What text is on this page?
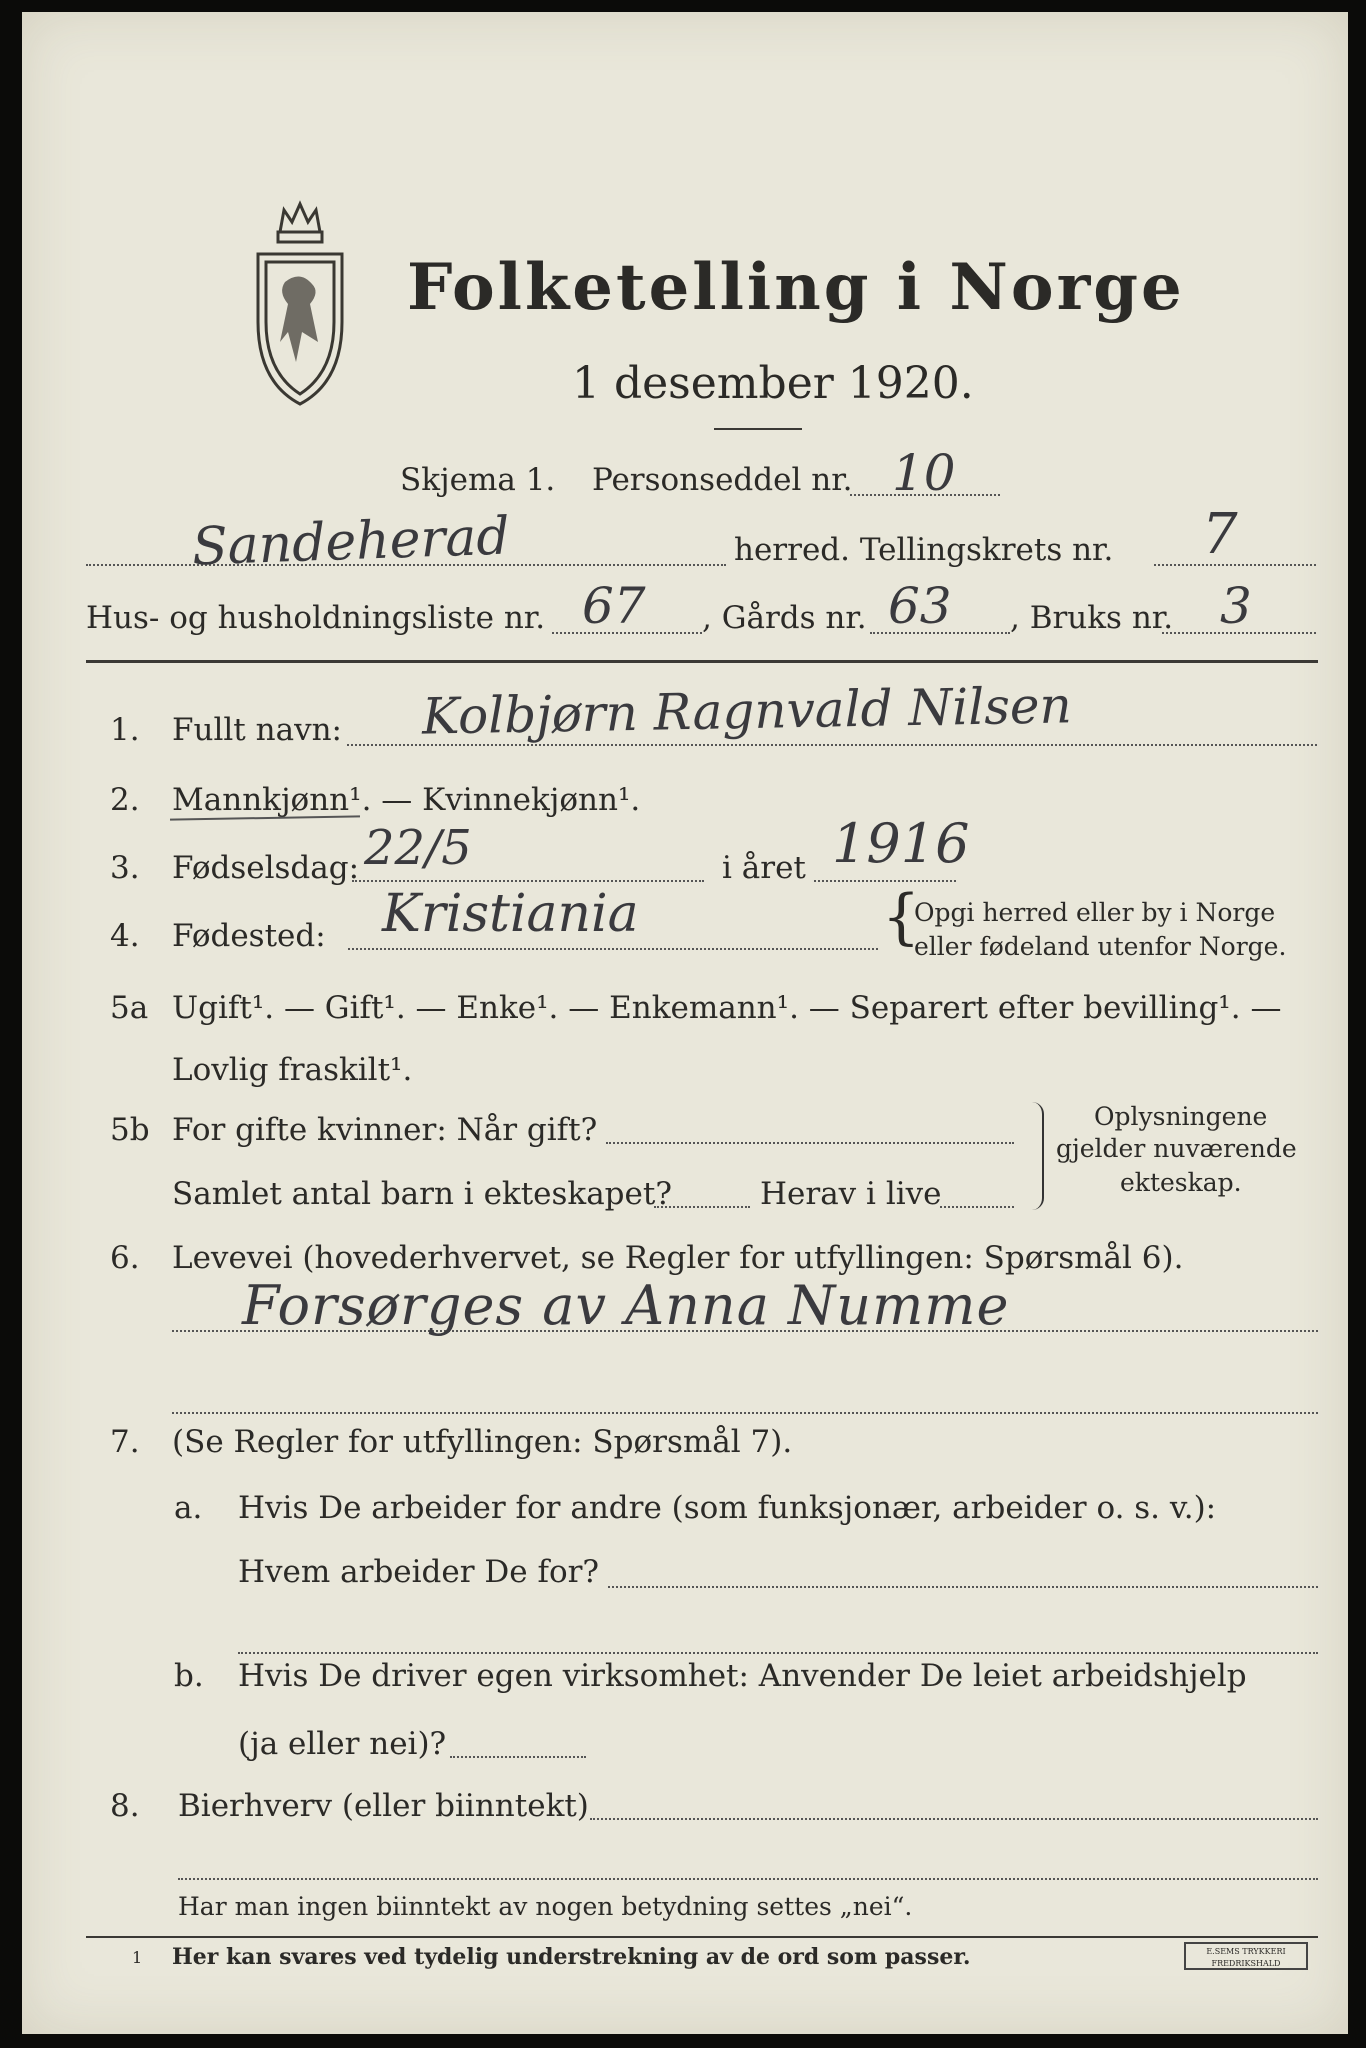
Folketelling i Norge
1 desember 1920.
Skjema 1. Personseddel nr. 10
Sandeherad	herred. Tellingskrets nr. 7
Hus- og husholdningsliste nr. 67 , Gårds nr. 63 , Bruks nr. 3
1. Fullt navn: Kolbjørn Ragnvald Nilsen
2. Mannkjønn¹. — Kvinnekjønn¹.
3. Fødselsdag: 22/5	i året 1916
4. Fødested: Kristiania	{
Opgi herred eller by i Norge
eller fødeland utenfor Norge.
5a Ugift¹. — Gift¹. — Enke¹. — Enkemann¹. — Separert efter bevilling¹. —
Lovlig fraskilt¹.
5b For gifte kvinner: Når gift?
Samlet antal barn i ekteskapet?	Herav i live
Oplysningene
gjelder nuværende
ekteskap.
6. Levevei (hovederhvervet, se Regler for utfyllingen: Spørsmål 6).
Forsørges av Anna Numme
7. (Se Regler for utfyllingen: Spørsmål 7).
a. Hvis De arbeider for andre (som funksjonær, arbeider o. s. v.):
Hvem arbeider De for?
b. Hvis De driver egen virksomhet: Anvender De leiet arbeidshjelp
(ja eller nei)?
8. Bierhverv (eller biinntekt)
Har man ingen biinntekt av nogen betydning settes „nei“.
1 Her kan svares ved tydelig understrekning av de ord som passer.	E.SEMS TRYKKERI FREDRIKSHALD
